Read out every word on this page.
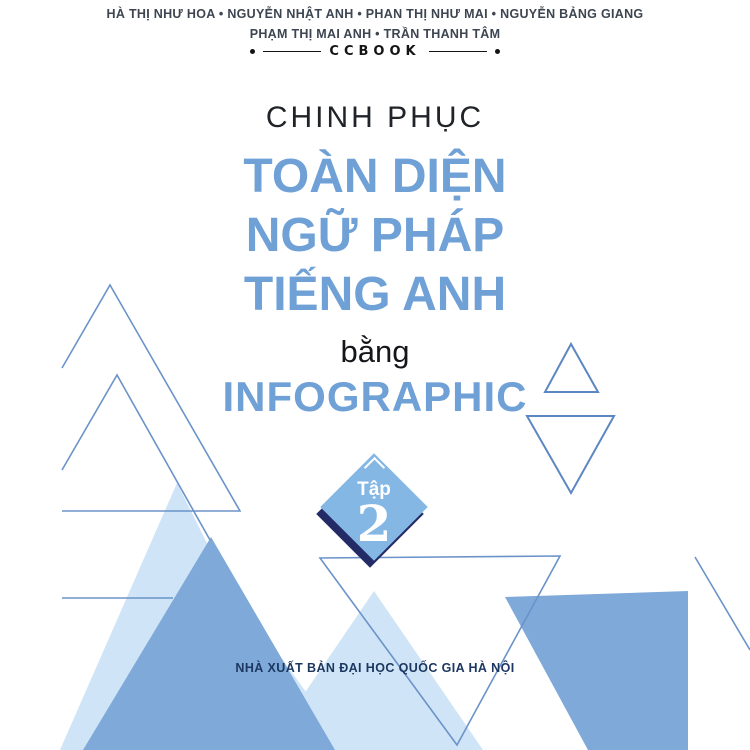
HÀ THỊ NHƯ HOA • NGUYỄN NHẬT ANH • PHAN THỊ NHƯ MAI • NGUYỄN BẢNG GIANG
PHẠM THỊ MAI ANH • TRẦN THANH TÂM
CCBOOK
CHINH PHỤC
TOÀN DIỆN
NGỮ PHÁP
TIẾNG ANH
bằng
INFOGRAPHIC
Tập
2
NHÀ XUẤT BẢN ĐẠI HỌC QUỐC GIA HÀ NỘI
